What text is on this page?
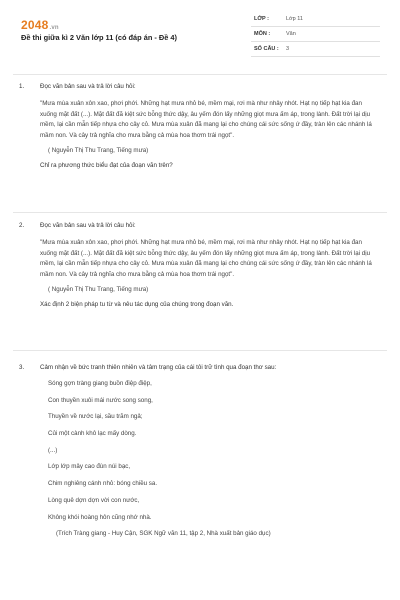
2048.vn
Đề thi giữa kì 2 Văn lớp 11 (có đáp án - Đề 4)
LỚP :	Lớp 11
MÔN :	Văn
SỐ CÂU : 3
1.	Đọc văn bản sau và trả lời câu hỏi:
"Mưa mùa xuân xôn xao, phơi phới. Những hạt mưa nhỏ bé, mềm mại, rơi mà như nhảy nhót. Hạt nọ tiếp hạt kia đan xuống mặt đất (...). Mặt đất đã kiệt sức bỗng thức dậy, âu yếm đón lấy những giọt mưa ấm áp, trong lành. Đất trời lại dịu mềm, lại cần mẫn tiếp nhựa cho cây cỏ. Mưa mùa xuân đã mang lại cho chúng cái sức sống ứ đầy, tràn lên các nhánh lá mầm non. Và cây trả nghĩa cho mưa bằng cả mùa hoa thơm trái ngọt".
( Nguyễn Thị Thu Trang, Tiếng mưa)
Chỉ ra phương thức biểu đạt của đoạn văn trên?
2.	Đọc văn bản sau và trả lời câu hỏi:
"Mưa mùa xuân xôn xao, phơi phới. Những hạt mưa nhỏ bé, mềm mại, rơi mà như nhảy nhót. Hạt nọ tiếp hạt kia đan xuống mặt đất (...). Mặt đất đã kiệt sức bỗng thức dậy, âu yếm đón lấy những giọt mưa ấm áp, trong lành. Đất trời lại dịu mềm, lại cần mẫn tiếp nhựa cho cây cỏ. Mưa mùa xuân đã mang lại cho chúng cái sức sống ứ đầy, tràn lên các nhánh lá mầm non. Và cây trả nghĩa cho mưa bằng cả mùa hoa thơm trái ngọt".
( Nguyễn Thị Thu Trang, Tiếng mưa)
Xác định 2 biện pháp tu từ và nêu tác dụng của chúng trong đoạn văn.
3.	Cảm nhận về bức tranh thiên nhiên và tâm trạng của cái tôi trữ tình qua đoạn thơ sau:
Sóng gợn tràng giang buồn điệp điệp,
Con thuyền xuôi mái nước song song,
Thuyền về nước lại, sầu trăm ngả;
Củi một cành khô lạc mấy dòng.
(...)
Lớp lớp mây cao đùn núi bạc,
Chim nghiêng cánh nhỏ: bóng chiều sa.
Lòng quê dợn dợn vời con nước,
Không khói hoàng hôn cũng nhớ nhà.
(Trích Tràng giang - Huy Cận, SGK Ngữ văn 11, tập 2, Nhà xuất bản giáo dục)
